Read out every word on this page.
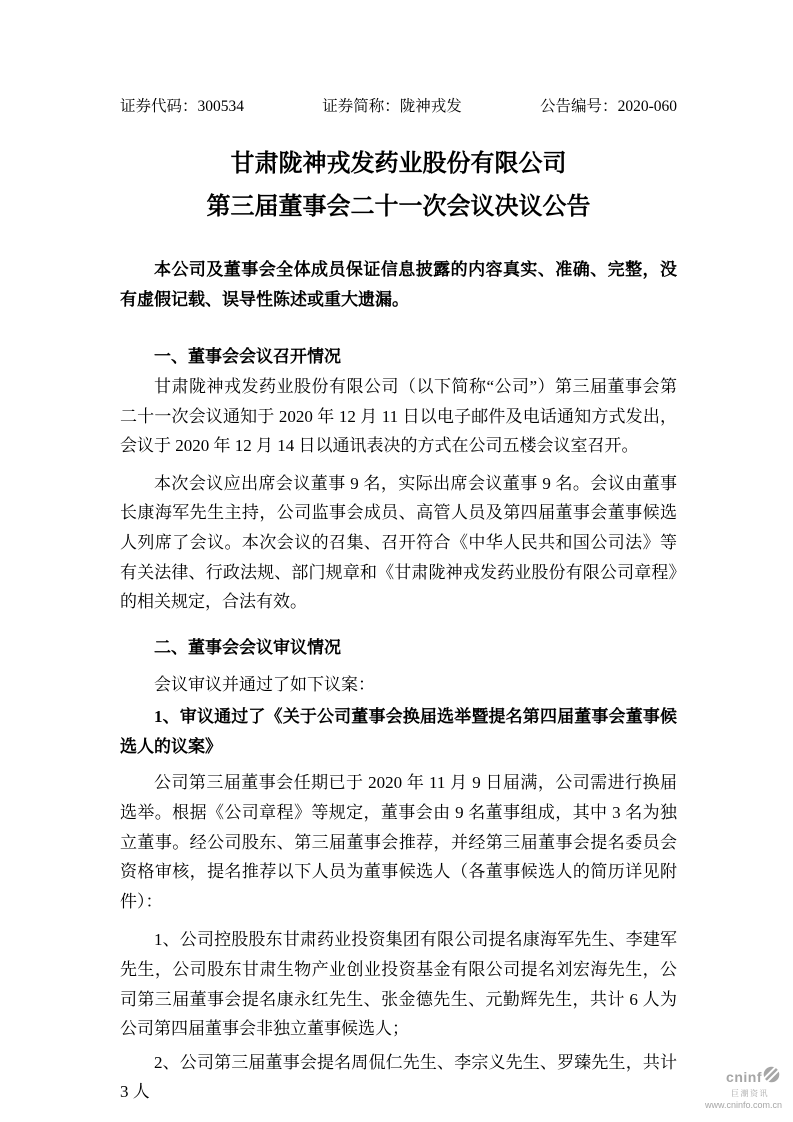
证券代码：300534	证券简称：陇神戎发	公告编号：2020-060
甘肃陇神戎发药业股份有限公司
第三届董事会二十一次会议决议公告

本公司及董事会全体成员保证信息披露的内容真实、准确、完整，没有虚假记载、误导性陈述或重大遗漏。

一、董事会会议召开情况

甘肃陇神戎发药业股份有限公司（以下简称“公司”）第三届董事会第二十一次会议通知于 2020 年 12 月 11 日以电子邮件及电话通知方式发出，会议于 2020 年 12 月 14 日以通讯表决的方式在公司五楼会议室召开。

本次会议应出席会议董事 9 名，实际出席会议董事 9 名。会议由董事长康海军先生主持，公司监事会成员、高管人员及第四届董事会董事候选人列席了会议。本次会议的召集、召开符合《中华人民共和国公司法》等有关法律、行政法规、部门规章和《甘肃陇神戎发药业股份有限公司章程》的相关规定，合法有效。

二、董事会会议审议情况

会议审议并通过了如下议案：

1、审议通过了《关于公司董事会换届选举暨提名第四届董事会董事候选人的议案》

公司第三届董事会任期已于 2020 年 11 月 9 日届满，公司需进行换届选举。根据《公司章程》等规定，董事会由 9 名董事组成，其中 3 名为独立董事。经公司股东、第三届董事会推荐，并经第三届董事会提名委员会资格审核，提名推荐以下人员为董事候选人（各董事候选人的简历详见附件）：

1、公司控股股东甘肃药业投资集团有限公司提名康海军先生、李建军先生，公司股东甘肃生物产业创业投资基金有限公司提名刘宏海先生，公司第三届董事会提名康永红先生、张金德先生、元勤辉先生，共计 6 人为公司第四届董事会非独立董事候选人；

2、公司第三届董事会提名周侃仁先生、李宗义先生、罗臻先生，共计 3 人

cninf
巨潮资讯
www.cninfo.com.cn
